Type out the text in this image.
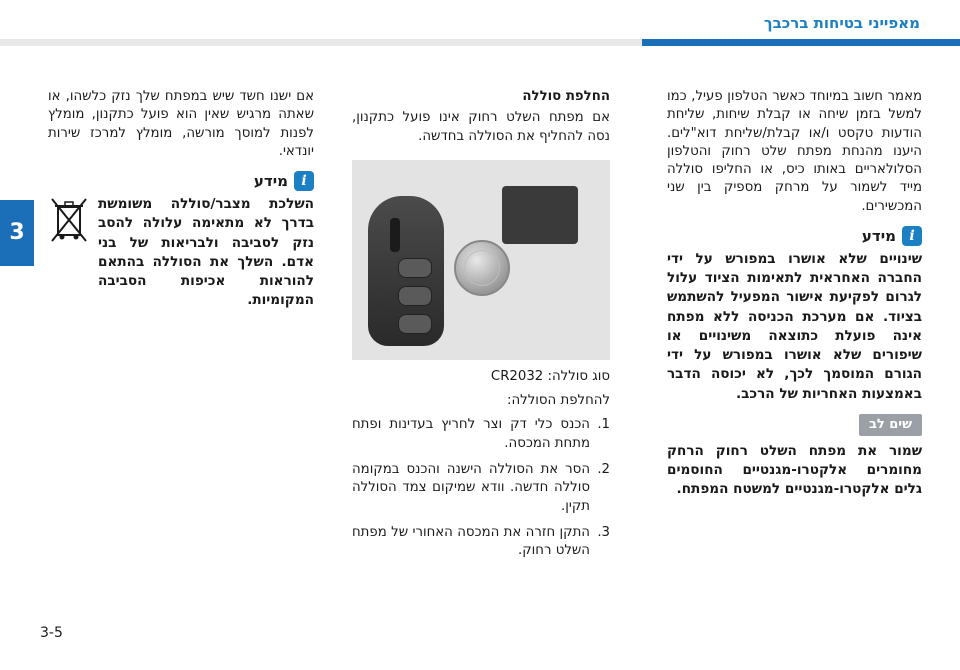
מאפייני בטיחות ברכבך
3

מאמר חשוב במיוחד כאשר הטלפון פעיל, כמו למשל בזמן שיחה או קבלת שיחות, שליחת הודעות טקסט ו/או קבלת/שליחת דוא"לים. היענו מהנחת מפתח שלט רחוק והטלפון הסלולאריים באותו כיס, או החליפו סוללה מייד לשמור על מרחק מספיק בין שני המכשירים.

i
מידע

שינויים שלא אושרו במפורש על ידי החברה האחראית לתאימות הציוד עלול לגרום לפקיעת אישור המפעיל להשתמש בציוד. אם מערכת הכניסה ללא מפתח אינה פועלת כתוצאה משינויים או שיפורים שלא אושרו במפורש על ידי הגורם המוסמך לכך, לא יכוסה הדבר באמצעות האחריות של הרכב.

שים לב

שמור את מפתח השלט רחוק הרחק מחומרים אלקטרו-מגנטיים החוסמים גלים אלקטרו-מגנטיים למשטח המפתח.

החלפת סוללה

אם מפתח השלט רחוק אינו פועל כתקנון, נסה להחליף את הסוללה בחדשה.

סוג סוללה: CR2032

להחלפת הסוללה:

.1
הכנס כלי דק וצר לחריץ בעדינות ופתח מתחת המכסה.
.2
הסר את הסוללה הישנה והכנס במקומה סוללה חדשה. וודא שמיקום צמד הסוללה תקין.
.3
התקן חזרה את המכסה האחורי של מפתח השלט רחוק.

אם ישנו חשד שיש במפתח שלך נזק כלשהו, או שאתה מרגיש שאין הוא פועל כתקנון, מומלץ לפנות למוסך מורשה, מומלץ למרכז שירות יונדאי.

i
מידע

השלכת מצבר/סוללה משומשת בדרך לא מתאימה עלולה להסב נזק לסביבה ולבריאות של בני אדם. השלך את הסוללה בהתאם להוראות אכיפות הסביבה המקומיות.

3-5
